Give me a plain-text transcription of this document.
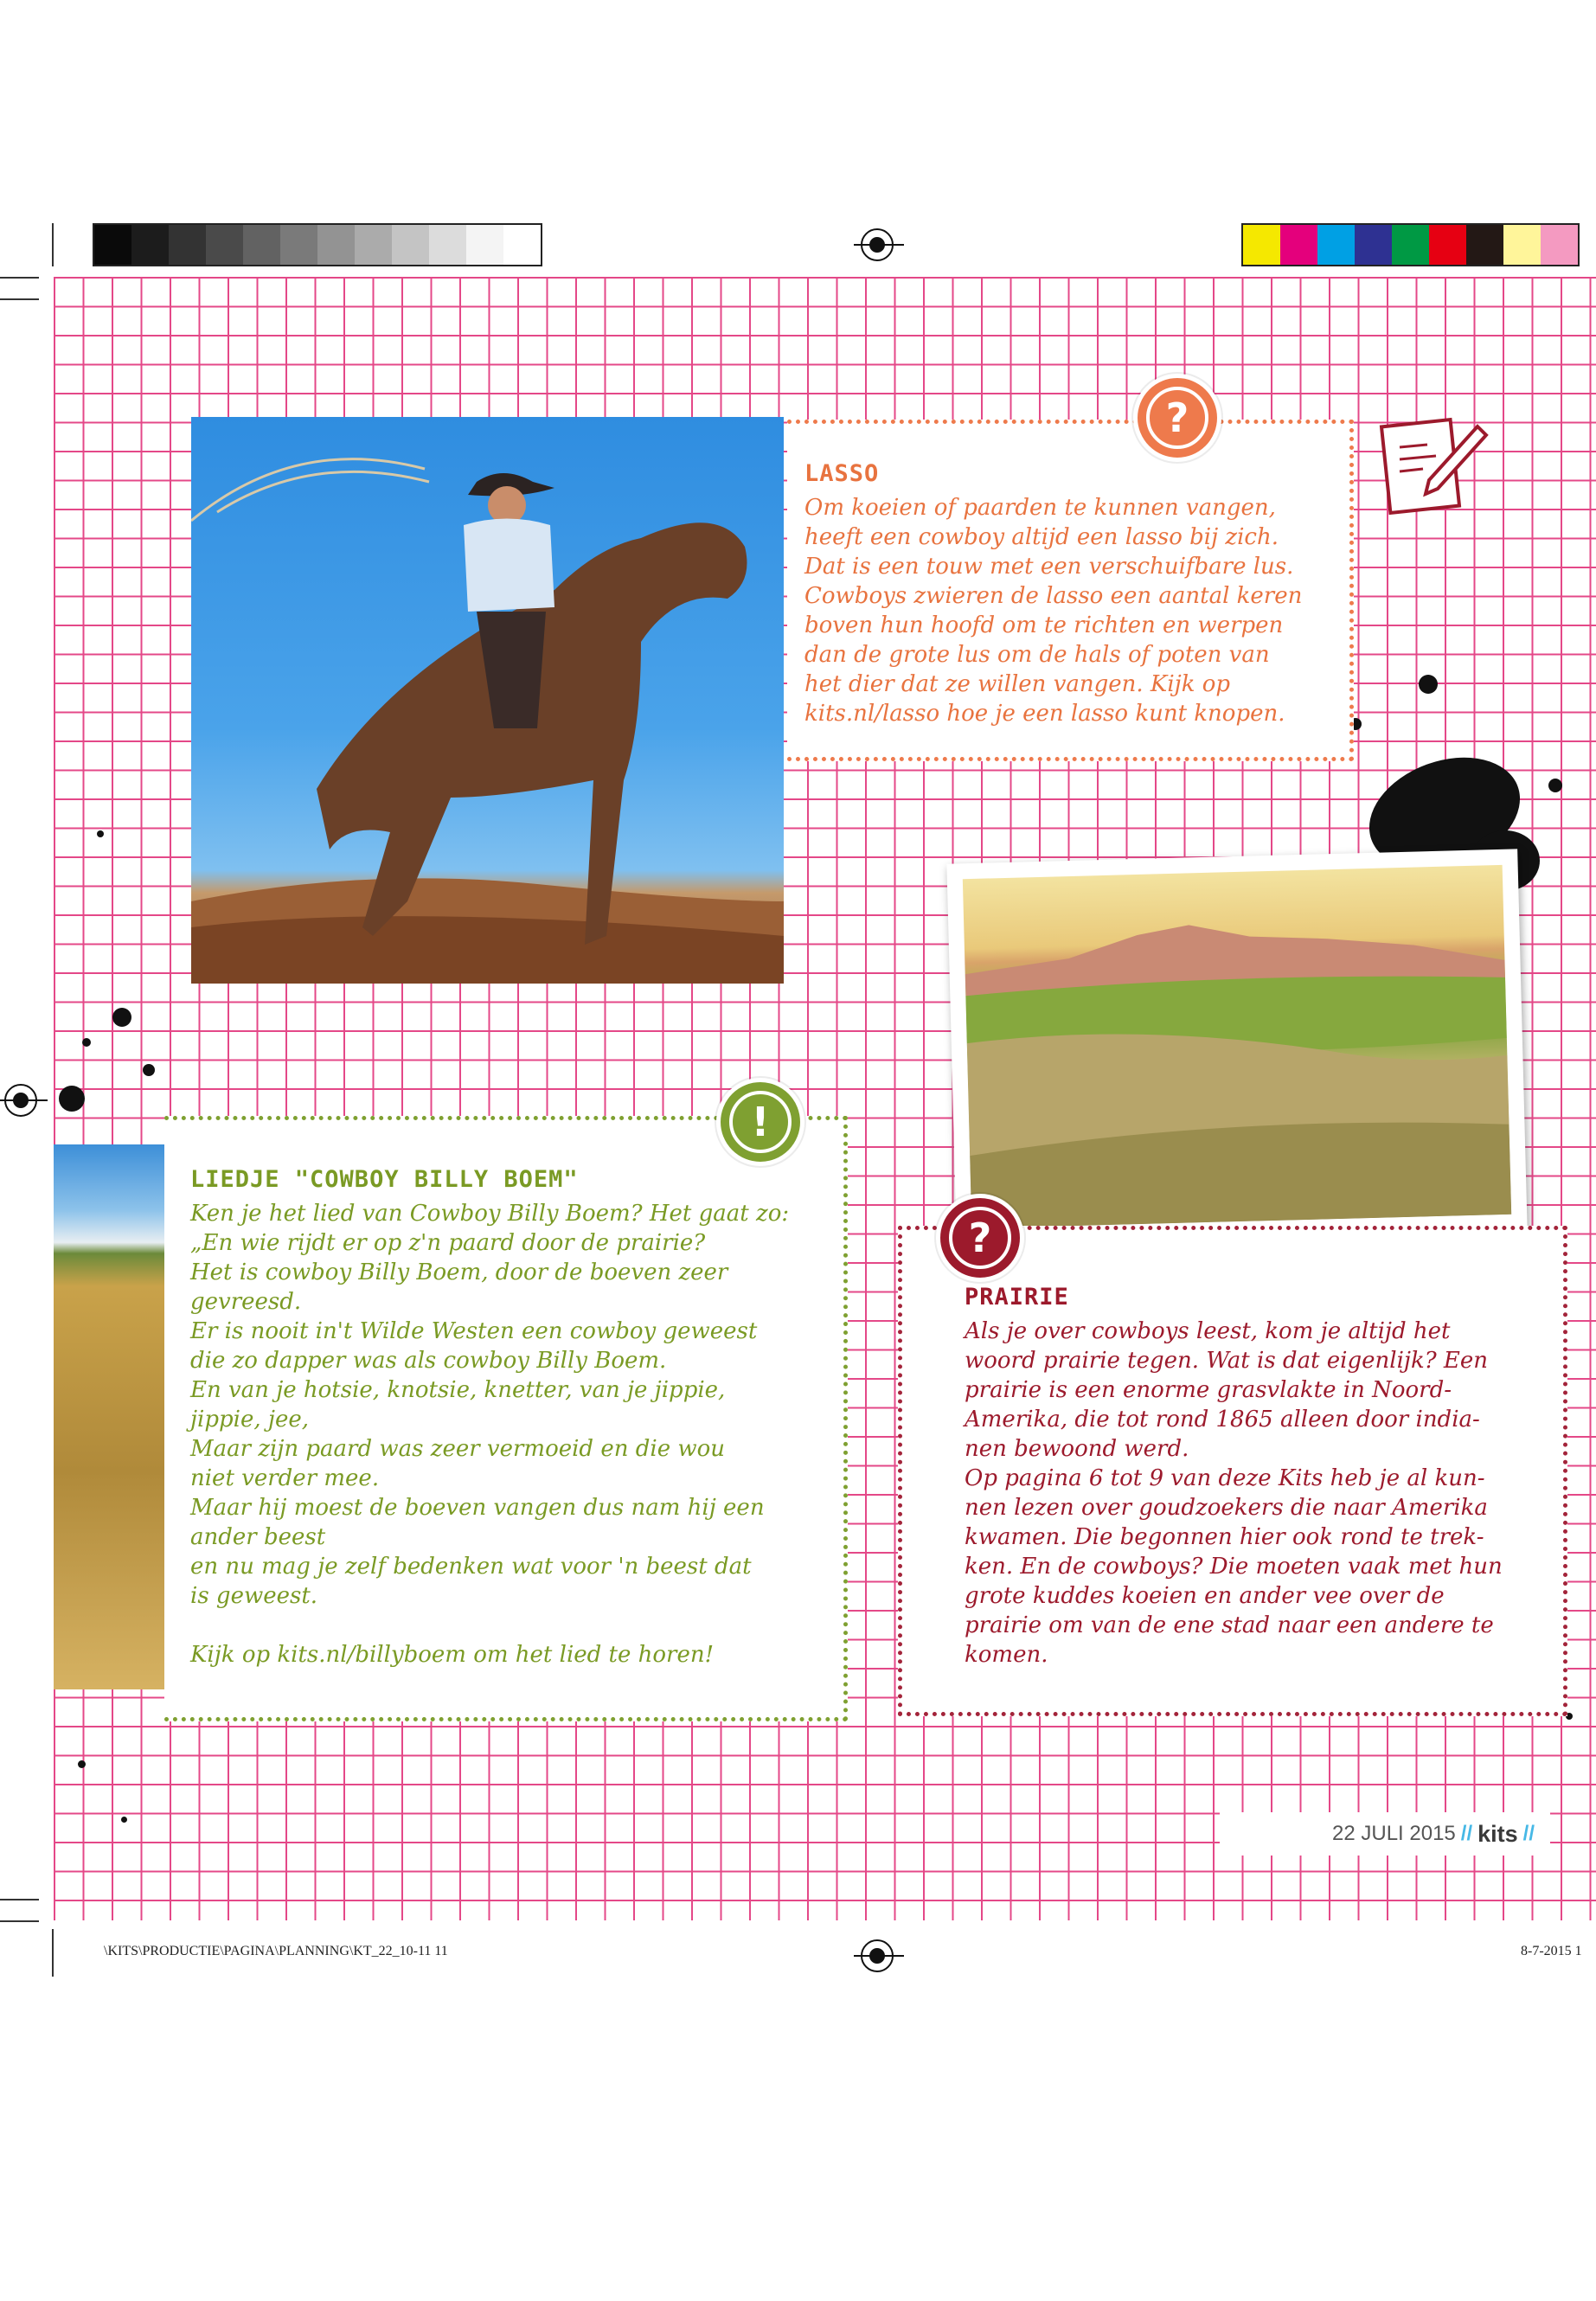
?
LASSO
Om koeien of paarden te kunnen vangen,
heeft een cowboy altijd een lasso bij zich.
Dat is een touw met een verschuifbare lus.
Cowboys zwieren de lasso een aantal keren
boven hun hoofd om te richten en werpen
dan de grote lus om de hals of poten van
het dier dat ze willen vangen. Kijk op
kits.nl/lasso hoe je een lasso kunt knopen.
!
LIEDJE "COWBOY BILLY BOEM"
Ken je het lied van Cowboy Billy Boem? Het gaat zo:
„En wie rijdt er op z'n paard door de prairie?
Het is cowboy Billy Boem, door de boeven zeer
gevreesd.
Er is nooit in't Wilde Westen een cowboy geweest
die zo dapper was als cowboy Billy Boem.
En van je hotsie, knotsie, knetter, van je jippie,
jippie, jee,
Maar zijn paard was zeer vermoeid en die wou
niet verder mee.
Maar hij moest de boeven vangen dus nam hij een
ander beest
en nu mag je zelf bedenken wat voor 'n beest dat
is geweest.

Kijk op kits.nl/billyboem om het lied te horen!
?
PRAIRIE
Als je over cowboys leest, kom je altijd het
woord prairie tegen. Wat is dat eigenlijk? Een
prairie is een enorme grasvlakte in Noord-
Amerika, die tot rond 1865 alleen door india-
nen bewoond werd.
Op pagina 6 tot 9 van deze Kits heb je al kun-
nen lezen over goudzoekers die naar Amerika
kwamen. Die begonnen hier ook rond te trek-
ken. En de cowboys? Die moeten vaak met hun
grote kuddes koeien en ander vee over de
prairie om van de ene stad naar een andere te
komen.
22 JULI 2015 // kits //
\KITS\PRODUCTIE\PAGINA\PLANNING\KT_22_10-11 11	8-7-2015 1
